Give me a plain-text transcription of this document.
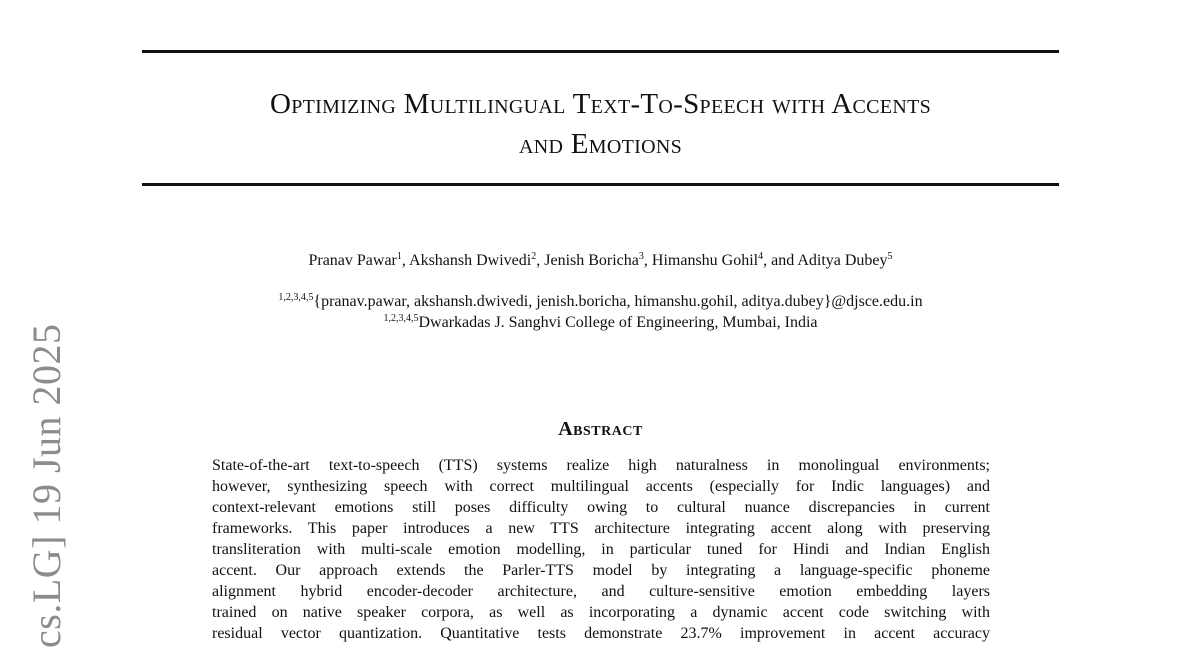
Optimizing Multilingual Text-To-Speech with Accents
and Emotions
Pranav Pawar$^1$, Akshansh Dwivedi$^2$, Jenish Boricha$^3$, Himanshu Gohil$^4$, and Aditya Dubey$^5$
$^{1,2,3,4,5}${pranav.pawar, akshansh.dwivedi, jenish.boricha, himanshu.gohil, aditya.dubey}@djsce.edu.in
$^{1,2,3,4,5}$Dwarkadas J. Sanghvi College of Engineering, Mumbai, India
Abstract
State-of-the-art text-to-speech (TTS) systems realize high naturalness in monolingual environments;
however, synthesizing speech with correct multilingual accents (especially for Indic languages) and
context-relevant emotions still poses difficulty owing to cultural nuance discrepancies in current
frameworks. This paper introduces a new TTS architecture integrating accent along with preserving
transliteration with multi-scale emotion modelling, in particular tuned for Hindi and Indian English
accent. Our approach extends the Parler-TTS model by integrating a language-specific phoneme
alignment hybrid encoder-decoder architecture, and culture-sensitive emotion embedding layers
trained on native speaker corpora, as well as incorporating a dynamic accent code switching with
residual vector quantization. Quantitative tests demonstrate 23.7% improvement in accent accuracy
cs.LG] 19 Jun 2025
